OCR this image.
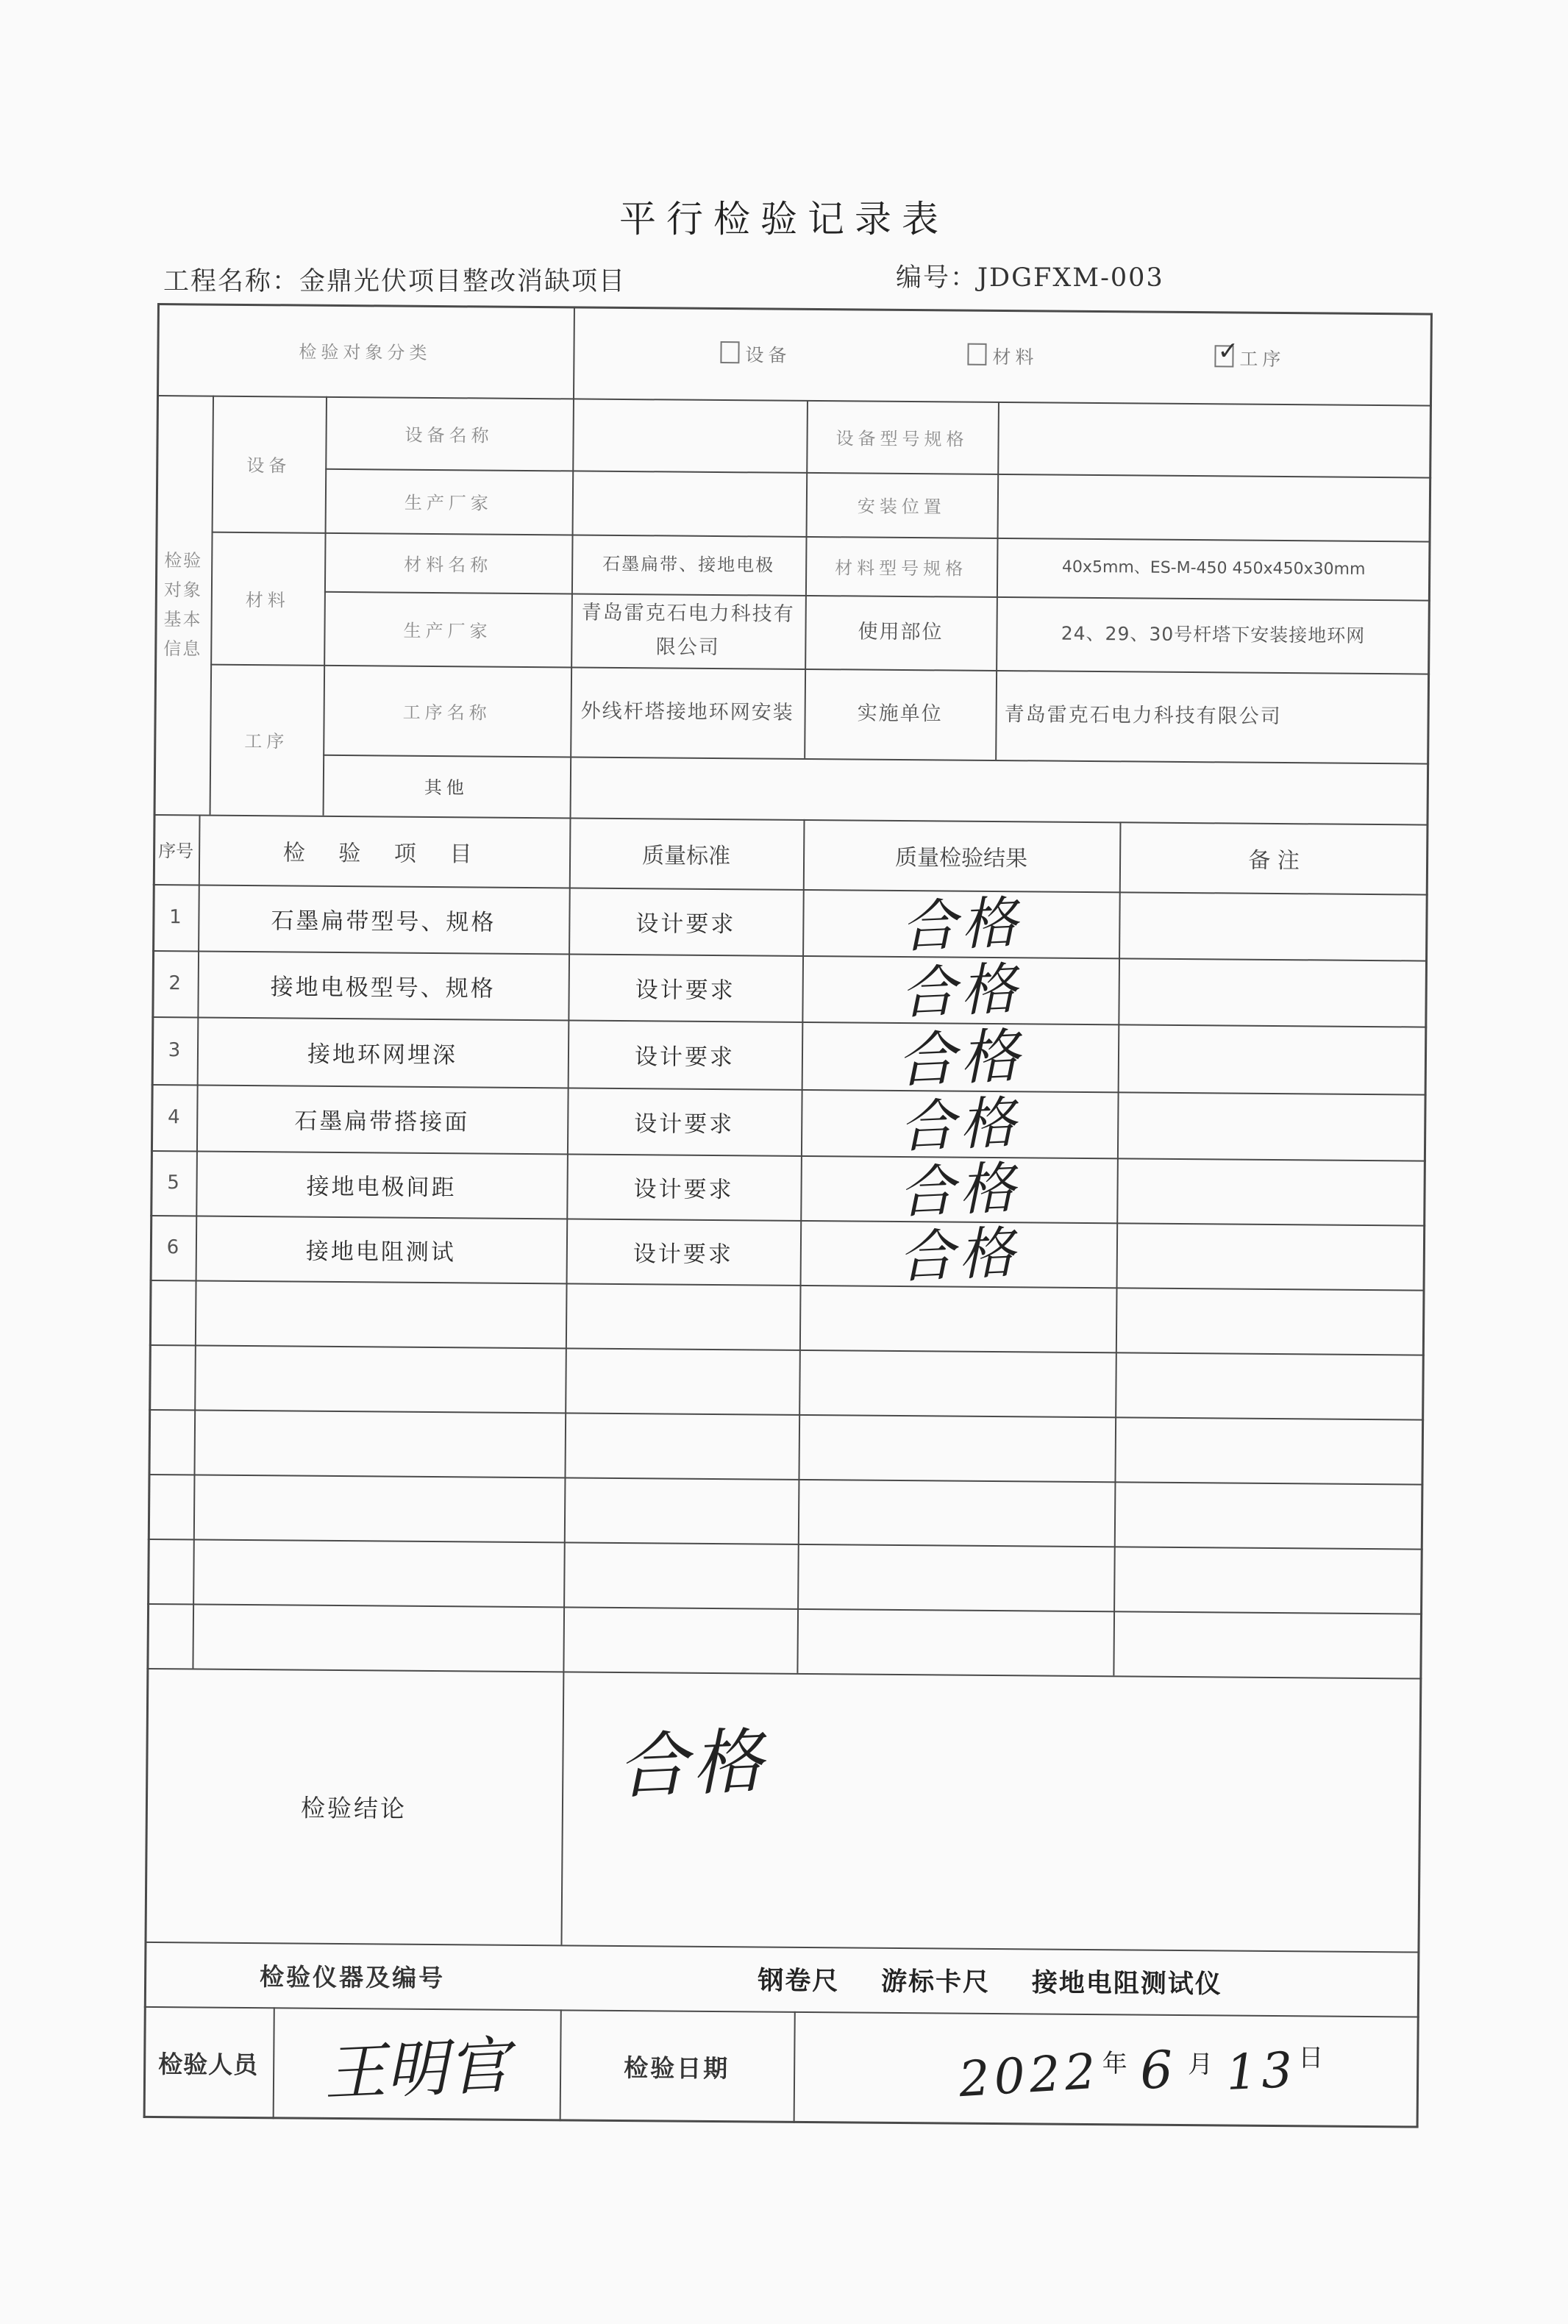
平行检验记录表
工程名称：金鼎光伏项目整改消缺项目	编号：JDGFXM-003
检验对象分类	设备	材料
✓	工序
检验对象基本信息
设备
设备名称	设备型号规格
生产厂家	安装位置
材料
材料名称	石墨扁带、接地电极	材料型号规格	40x5mm、ES-M-450 450x450x30mm
生产厂家
青岛雷克石电力科技有限公司
使用部位	24、29、30号杆塔下安装接地环网
工序
工序名称	外线杆塔接地环网安装	实施单位	青岛雷克石电力科技有限公司
其他
序号	检 验 项 目	质量标准	质量检验结果	备 注
1	石墨扁带型号、规格	设计要求	合格
2	接地电极型号、规格	设计要求	合格
3	接地环网埋深	设计要求	合格
4	石墨扁带搭接面	设计要求	合格
5	接地电极间距	设计要求	合格
6	接地电阻测试	设计要求	合格
检验结论	合格
检验仪器及编号	钢卷尺    游标卡尺    接地电阻测试仪
检验人员	王明官	检验日期	2022 年 6 月 13 日
